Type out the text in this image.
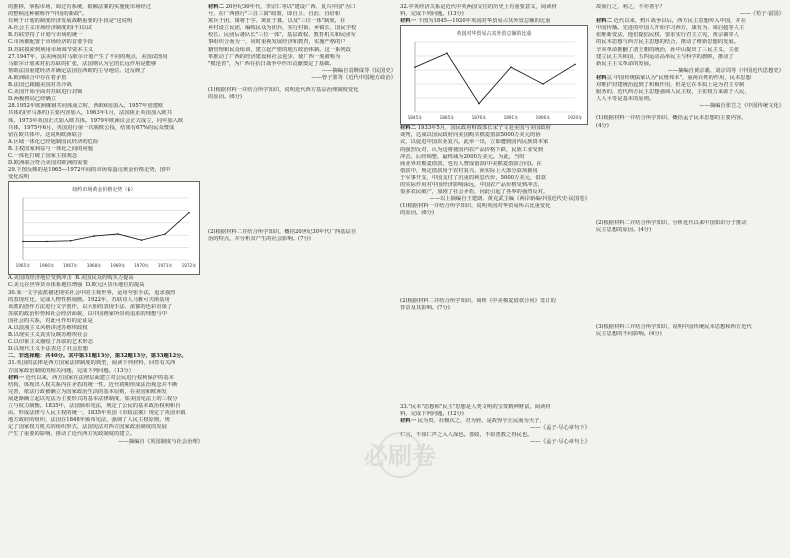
的推移，掌握市场，调过有系统，限额法案的实施使市场经过
的整顿这种被称作"中国的新政"。
有利于计划的制度经济发展战略重要的手段是"这说明
A.社会主义市场经济制度的(不)以试
B.苏联坚持了计划与市场的统一
C.市场被配置于市场经济的首要手段
D.苏联摸索到利用市场调节资本主义
27.1947年，法美两国对马歇尔计划产生了不同的观点，美国试图用
马歇尔计划来对抗苏联的扩张，法国则认为它的长远作用是能够
帮助法国重建经济并确定法国在西欧的主导地位。这反映了
A.欧洲联合中存在着矛盾
B.法国已跟随美国对苏冷战
C.美国开始全面对苏联进行封锁
D.两极格局已经确立
28.1952年欧洲煤钢共同体成立时，西欧6国加入。1957年创建欧
共体的(罗马条约)主要内容加入，1963年1月，法国阻止英国加入欧共
体，1973年英国正式加入欧共体。1979年欧洲议会正式成立，同年加入欧
共体，1975年6月，英国进行第一次脱欧公投，结果有67%的民众赞成
留在欧共体中。这说明欧洲联合
A.区域一体化已经遏制国民经济的危险
B.主权国家利益与一体化之间的问题
C.一体化打破了国家主权观念
D.欧洲联合符合美国对欧洲的需要
29.下图反映的是1965—1972年间的市场每盎司黄金价格走势，图中
变化说明
纽约市场黄金价格走势（$）
1965年 1966年 1967年 1968年 1969年 1970年 1971年 1972年
A.美国的经济地位受到冲击 B.美国民众的购买力提高
C.美元在世界货币体系地位增强 D.欧元区货币地位的提高
30.某一文学流派描述现实社会中的主观世界，运用夸张手法，追求强烈
的表现对比，完成人物性格刻画。1922年，苏联诗人马雅可夫斯基用
该派的创作方法进行文学创作，以大胆的表现手法、浓郁的色彩渲染了
苏联的政治形势和社会经济面貌，以中国画家所崇尚追求的理想与中
国社会的关系，对此可作出的论证是
A.以浪漫主义风格讲述苏维埃政权
B.以现实主义真实反映苏维埃社会
C.以印象主义描绘了苏联的艺术形态
D.以现代主义手法表达了社会思想
二、非选择题：共40分。其中第31题13分，第32题13分，第33题12分。
31.英国的法律是西方国家法律制度的典型，阅读下列材料，回答有关西
方国家政治制度的相关问题，完成下列问题。（13分）
材料一 近代以来，西方国家在法律层面建立对公民进行权利保护的基本
结构，体现出人权关系内在矛盾的统一性，近代初期形成法治观念并不断
完善，依法行政被确立为国家政治生活的基本原则，在美国和欧洲发
展逐渐确立起以宪法为主要形式的基本法律制度，如美国宪法上的三权分
立与权力制衡。1835年，法国颁布宪法，规定了公民的基本政治权利和自
由，形成法律与人民主权的统一，1835年英国《市政法案》规定了英国市镇
地方政府的组织，法国在1848年颁布宪法，强调了人民主权原则，规
定了国家权力机关的组织形式，法国宪法对西方国家政治制度的发展
产生了重要的影响，推动了近代西方宪政制度的建立。
——摘编自《英国制度与社会治理》
材料二 20世纪30年代，李宗仁等以"建设广西、复兴中国"为口
号，在广西推行"三自三寓"政策，即自卫、自治、自给和
寓兵于团、寓将于学、寓征于募，以及"三位一体"制度，在
乡村设立民团，编练民众为团兵，实行村街、乡镇长、国民学校
校长、民团后备队长"三位一体"，基层政权、教育机关和民团军
事组织合而为一，同时重视发展经济和教育，实施严格的户
籍管理和民众组训，建立起严密的地方政治体制。这一系列改
革推动了广西的经济建设和社会进步，使广西一度被称为
"模范省"，为广西在抗日战争中作出贡献奠定了基础。
——摘编自袁继成等《民国史》
——曾子墨等《近代中国地方政治》
(1)根据材料一并结合所学知识，说明近代西方基层治理制度变化
的原因。(6分)
(2)根据材料二并结合所学知识，概括20世纪30年代广西基层自
治的特点，并分析其产生的社会影响。(7分)
32.中英经济关系是近代中英两国交往的历史上有重要意义，阅读材
料，完成下列问题。(13分)
材料一 下图为1845—1920年英国对华贸易占其外贸总额的比重
英国对华贸易占其外贸总额的比重
1845年	1865年	1876年	1891年	1906年	1920年
材料二 1933年5月，国民政府财政部长宋子文赴美国与美国政府
谈判，达成以国民政府向美国购买棉麦借款5000万美元的协
议，以促进中国农业复兴。此举一出，立即遭到国内民族资本家
的强烈反对，认为这将使国内农产品价格下跌，民族工业受到
冲击。后经调整，最终减为2000万美元。为此，当时
商业界对棉麦借款，也有人赞成借款(中美棉麦借款合同)。在
借款中，规定借款用于农村复兴，而实际上大部分款项被用
于军事开支，中国支付了沉重的利息代价，5000万美元，借款
的实际作用对中国经济影响深远，中国农产品价格受到冲击，
很多农民破产，加剧了社会矛盾，因此引起了各界的强烈反对。
——以上摘编自王建朗、黄克武主编《两岸新编中国近代史·民国卷》
(1)根据材料一并结合所学知识，说明英国对华贸易所占比重变化
的原因。(6分)
(2)根据材料二并结合所学知识，简析《中美棉麦借款合同》签订的
背景及其影响。(7分)
33."民本"思想和"民主"思想是人类文明的宝贵精神财富，阅读材
料，完成下列问题。(12分)
材料一 民为贵，社稷次之，君为轻。是故得乎丘民而为天子，
——《孟子·尽心章句下》
仁言，不如仁声之入人深也。善政，不如善教之得民也。
——《孟子·尽心章句上》
故而行之，利之，不亦善乎？
——《荀子·富国》
材料二 近代以来，鸦片战争以后，西方民主思想传入中国，并在
中国传播。先进的中国人开始学习西方，康有为、梁启超等人主
张维新变法，他们提倡民权，要求实行君主立宪，黄宗羲等人
的民本思想与西方民主思想的结合，推动了维新思想的发展。
辛亥革命推翻了清王朝的统治，孙中山提出了三民主义，主张
建立民主共和国，五四运动高举民主与科学的旗帜，推动了
新民主主义革命的发展。
——摘编自黄宗羲、刘宗周等《中国近代思想史》
材料三 中国传统儒家认为"民惟邦本"，重视百姓的作用，民本思想
对维护封建统治起到了积极作用，但是它在本质上是为君主专制
服务的。近代西方民主思想强调人民主权，主张权力来源于人民，
人人平等是基本的原则。
——摘编自张岂之《中国传统文化》
(1)根据材料一并结合所学知识，概括孟子民本思想的主要内容。
(4分)
(2)根据材料二并结合所学知识，分析近代以来中国知识分子推动
民主思想的原因。(4分)
(3)根据材料三并结合所学知识，说明中国传统民本思想和西方近代
民主思想的不同影响。(4分)
必刷卷
